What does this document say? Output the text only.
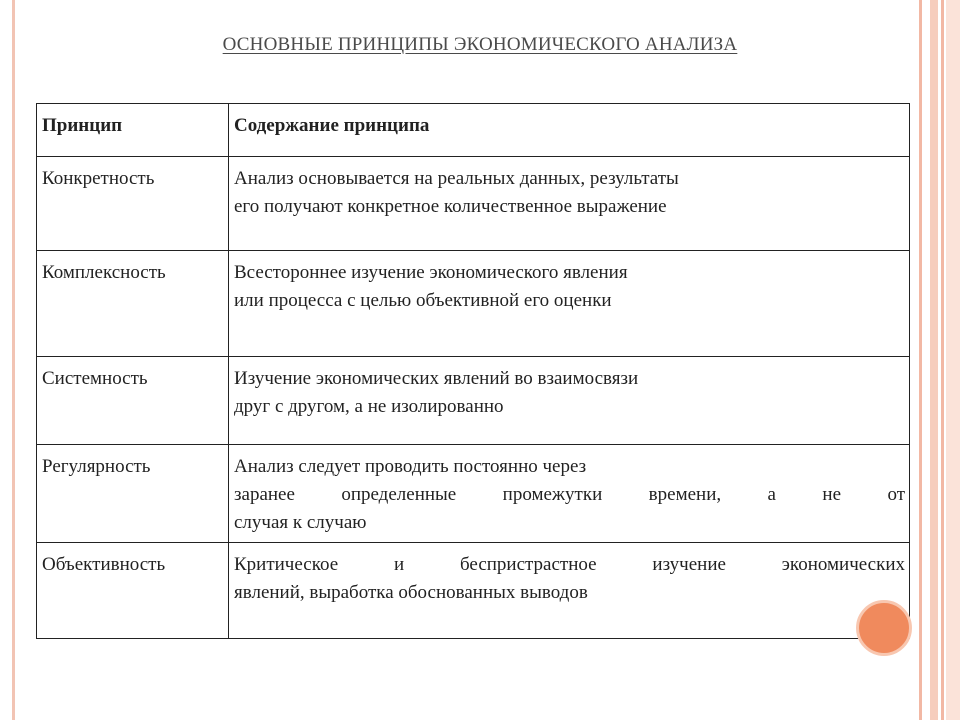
ОСНОВНЫЕ ПРИНЦИПЫ ЭКОНОМИЧЕСКОГО АНАЛИЗА
Принцип	Содержание принципа
Конкретность	Анализ основывается на реальных данных, результаты
его получают конкретное количественное выражение

Комплексность	Всестороннее изучение экономического явления
или процесса с целью объективной его оценки

Системность	Изучение экономических явлений во взаимосвязи
друг с другом, а не изолированно

Регулярность	Анализ следует проводить постоянно через
заранее определенные промежутки времени, а не от
случая к случаю

Объективность	Критическое и беспристрастное изучение экономических
явлений, выработка обоснованных выводов
